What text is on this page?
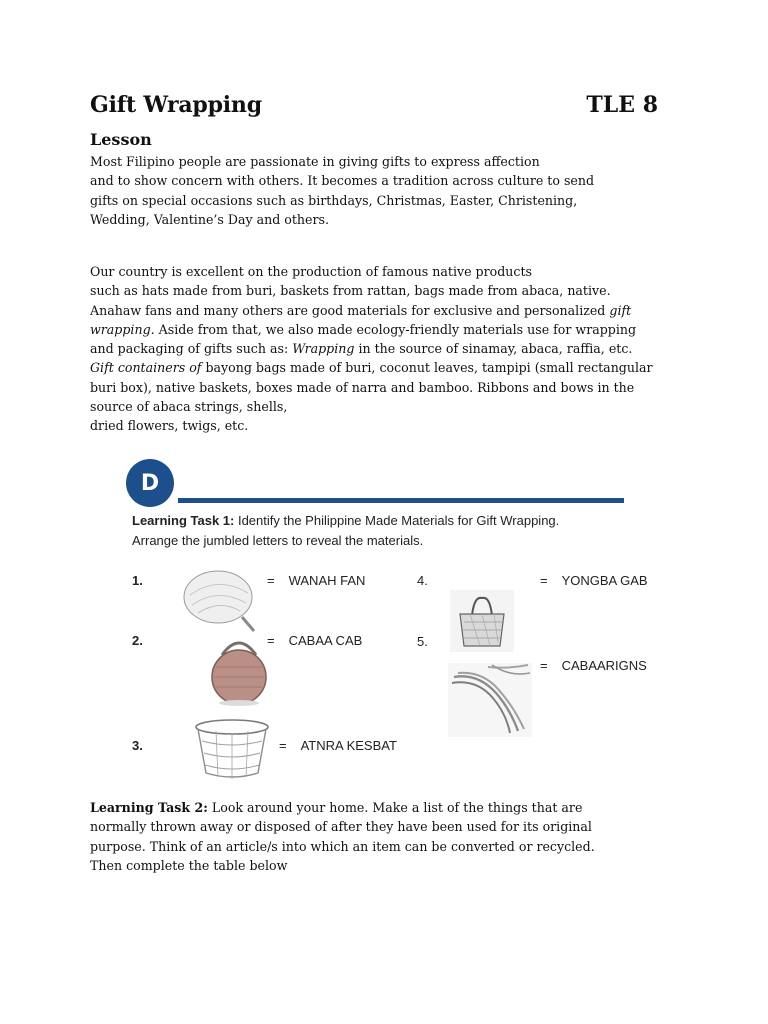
Gift Wrapping	TLE 8
Lesson
Most Filipino people are passionate in giving gifts to express affection
and to show concern with others. It becomes a tradition across culture to send
gifts on special occasions such as birthdays, Christmas, Easter, Christening,
Wedding, Valentine’s Day and others.
Our country is excellent on the production of famous native products
such as hats made from buri, baskets from rattan, bags made from abaca, native.
Anahaw fans and many others are good materials for exclusive and personalized gift
wrapping. Aside from that, we also made ecology-friendly materials use for wrapping
and packaging of gifts such as: Wrapping in the source of sinamay, abaca, raffia, etc.
Gift containers of bayong bags made of buri, coconut leaves, tampipi (small rectangular
buri box), native baskets, boxes made of narra and bamboo. Ribbons and bows in the
source of abaca strings, shells,
dried flowers, twigs, etc.
D
Learning Task 1: Identify the Philippine Made Materials for Gift Wrapping.
Arrange the jumbled letters to reveal the materials.
1.	= WANAH FAN
2.	= CABAA CAB
3.	= ATNRA KESBAT
4.	= YONGBA GAB
5.
= CABAARIGNS
Learning Task 2: Look around your home. Make a list of the things that are
normally thrown away or disposed of after they have been used for its original
purpose. Think of an article/s into which an item can be converted or recycled.
Then complete the table below
